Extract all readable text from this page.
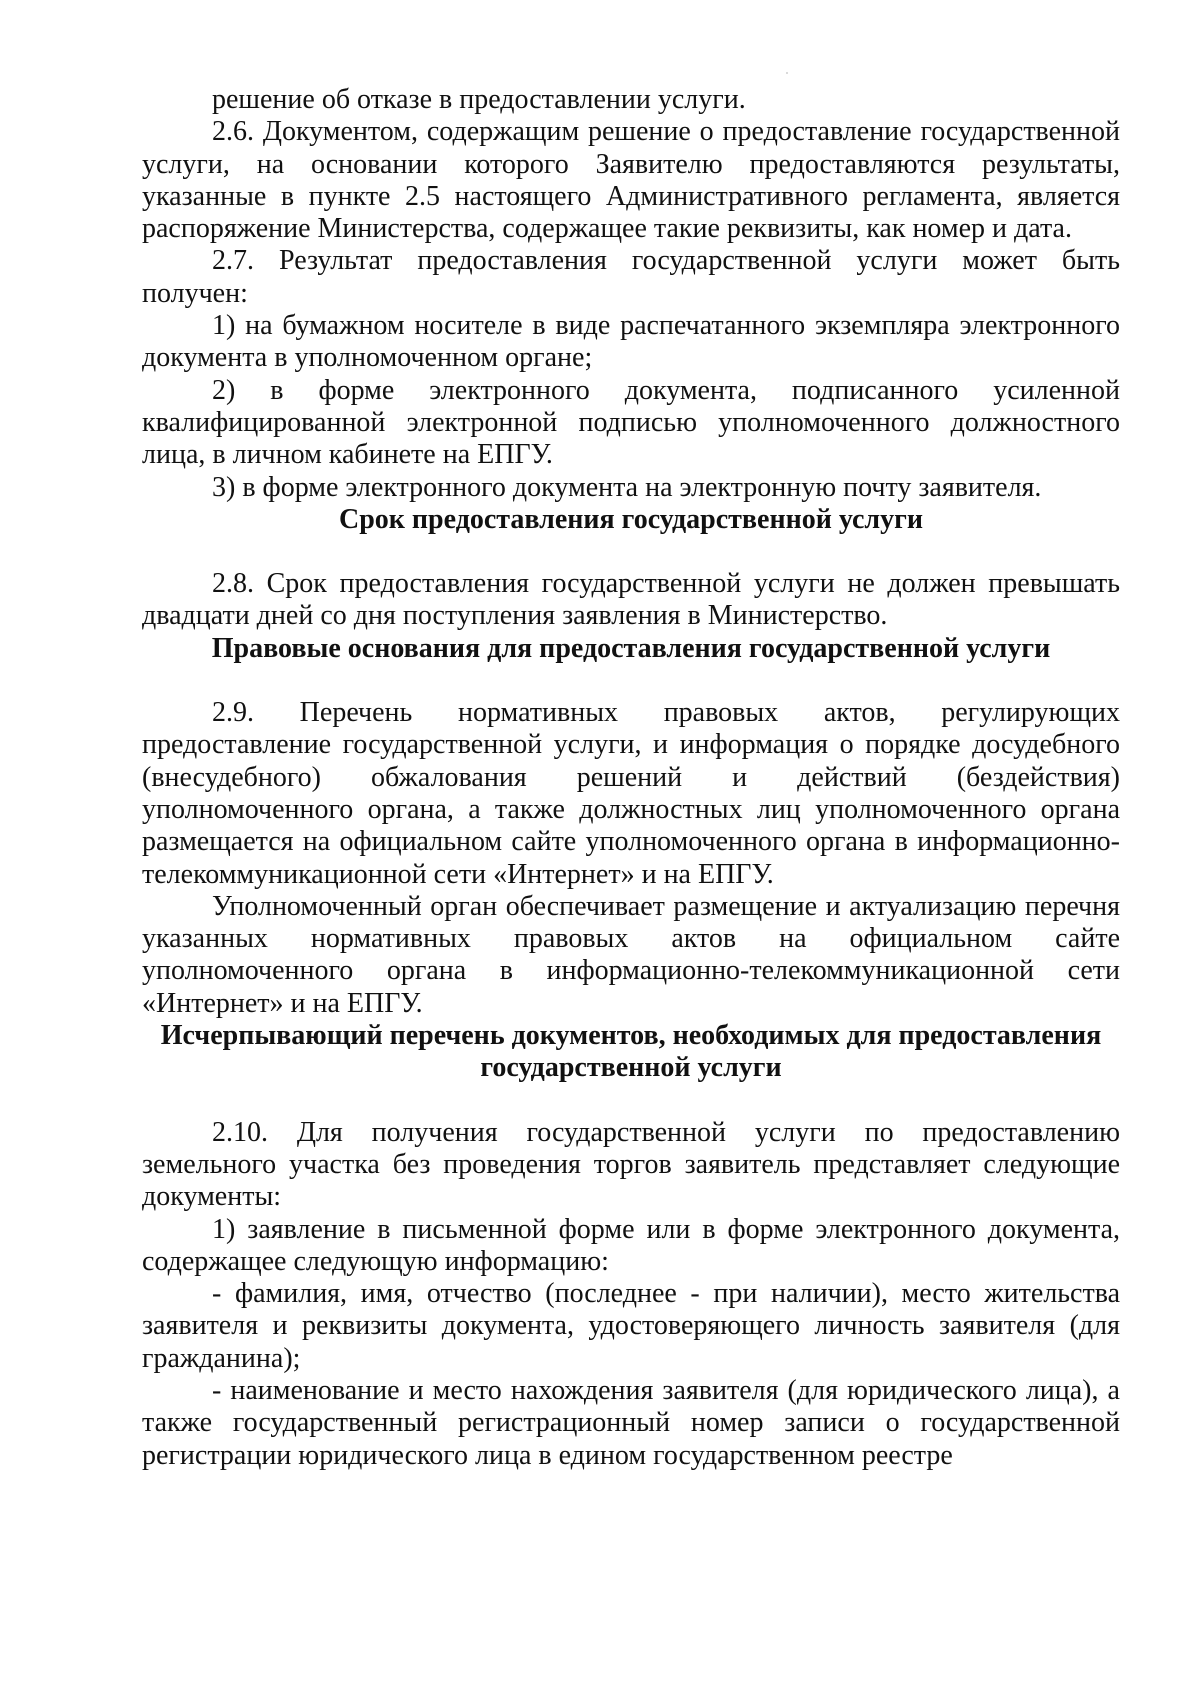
решение об отказе в предоставлении услуги.

2.6. Документом, содержащим решение о предоставление государственной услуги, на основании которого Заявителю предоставляются результаты, указанные в пункте 2.5 настоящего Административного регламента, является распоряжение Министерства, содержащее такие реквизиты, как номер и дата.

2.7. Результат предоставления государственной услуги может быть получен:

1) на бумажном носителе в виде распечатанного экземпляра электронного документа в уполномоченном органе;

2) в форме электронного документа, подписанного усиленной квалифицированной электронной подписью уполномоченного должностного лица, в личном кабинете на ЕПГУ.

3) в форме электронного документа на электронную почту заявителя.

Срок предоставления государственной услуги

2.8. Срок предоставления государственной услуги не должен превышать двадцати дней со дня поступления заявления в Министерство.

Правовые основания для предоставления государственной услуги

2.9. Перечень нормативных правовых актов, регулирующих предоставление государственной услуги, и информация о порядке досудебного (внесудебного) обжалования решений и действий (бездействия) уполномоченного органа, а также должностных лиц уполномоченного органа размещается на официальном сайте уполномоченного органа в информационно-телекоммуникационной сети «Интернет» и на ЕПГУ.

Уполномоченный орган обеспечивает размещение и актуализацию перечня указанных нормативных правовых актов на официальном сайте уполномоченного органа в информационно-телекоммуникационной сети «Интернет» и на ЕПГУ.

Исчерпывающий перечень документов, необходимых для предоставления
государственной услуги

2.10. Для получения государственной услуги по предоставлению земельного участка без проведения торгов заявитель представляет следующие документы:

1) заявление в письменной форме или в форме электронного документа, содержащее следующую информацию:

- фамилия, имя, отчество (последнее - при наличии), место жительства заявителя и реквизиты документа, удостоверяющего личность заявителя (для гражданина);

- наименование и место нахождения заявителя (для юридического лица), а также государственный регистрационный номер записи о государственной регистрации юридического лица в едином государственном реестре
